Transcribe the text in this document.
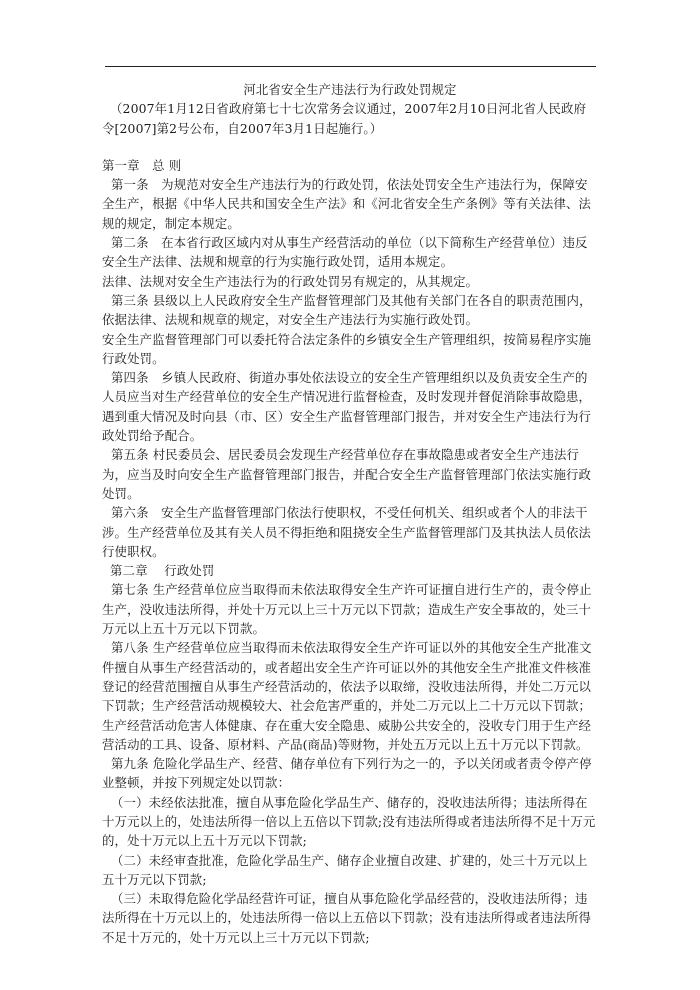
河北省安全生产违法行为行政处罚规定

（2007年1月12日省政府第七十七次常务会议通过，2007年2月10日河北省人民政府令[2007]第2号公布，自2007年3月1日起施行。）

第一章　总 则

第一条　为规范对安全生产违法行为的行政处罚，依法处罚安全生产违法行为，保障安全生产，根据《中华人民共和国安全生产法》和《河北省安全生产条例》等有关法律、法规的规定，制定本规定。

第二条　在本省行政区域内对从事生产经营活动的单位（以下简称生产经营单位）违反安全生产法律、法规和规章的行为实施行政处罚，适用本规定。

法律、法规对安全生产违法行为的行政处罚另有规定的，从其规定。

第三条 县级以上人民政府安全生产监督管理部门及其他有关部门在各自的职责范围内，依据法律、法规和规章的规定，对安全生产违法行为实施行政处罚。

安全生产监督管理部门可以委托符合法定条件的乡镇安全生产管理组织，按简易程序实施行政处罚。

第四条　乡镇人民政府、街道办事处依法设立的安全生产管理组织以及负责安全生产的人员应当对生产经营单位的安全生产情况进行监督检查，及时发现并督促消除事故隐患，遇到重大情况及时向县（市、区）安全生产监督管理部门报告，并对安全生产违法行为行政处罚给予配合。

第五条 村民委员会、居民委员会发现生产经营单位存在事故隐患或者安全生产违法行为，应当及时向安全生产监督管理部门报告，并配合安全生产监督管理部门依法实施行政处罚。

第六条　安全生产监督管理部门依法行使职权，不受任何机关、组织或者个人的非法干涉。生产经营单位及其有关人员不得拒绝和阻挠安全生产监督管理部门及其执法人员依法行使职权。

第二章　 行政处罚

第七条 生产经营单位应当取得而未依法取得安全生产许可证擅自进行生产的，责令停止生产，没收违法所得，并处十万元以上三十万元以下罚款；造成生产安全事故的，处三十万元以上五十万元以下罚款。

第八条 生产经营单位应当取得而未依法取得安全生产许可证以外的其他安全生产批准文件擅自从事生产经营活动的，或者超出安全生产许可证以外的其他安全生产批准文件核准登记的经营范围擅自从事生产经营活动的，依法予以取缔，没收违法所得，并处二万元以下罚款；生产经营活动规模较大、社会危害严重的，并处二万元以上二十万元以下罚款；　生产经营活动危害人体健康、存在重大安全隐患、威胁公共安全的，没收专门用于生产经营活动的工具、设备、原材料、产品(商品)等财物，并处五万元以上五十万元以下罚款。

第九条 危险化学品生产、经营、储存单位有下列行为之一的，予以关闭或者责令停产停业整顿，并按下列规定处以罚款：

（一）未经依法批准，擅自从事危险化学品生产、储存的，没收违法所得；违法所得在十万元以上的，处违法所得一倍以上五倍以下罚款;没有违法所得或者违法所得不足十万元的，处十万元以上五十万元以下罚款;

（二）未经审查批准，危险化学品生产、储存企业擅自改建、扩建的，处三十万元以上五十万元以下罚款;

（三）未取得危险化学品经营许可证，擅自从事危险化学品经营的，没收违法所得；违法所得在十万元以上的，处违法所得一倍以上五倍以下罚款；没有违法所得或者违法所得不足十万元的，处十万元以上三十万元以下罚款;
